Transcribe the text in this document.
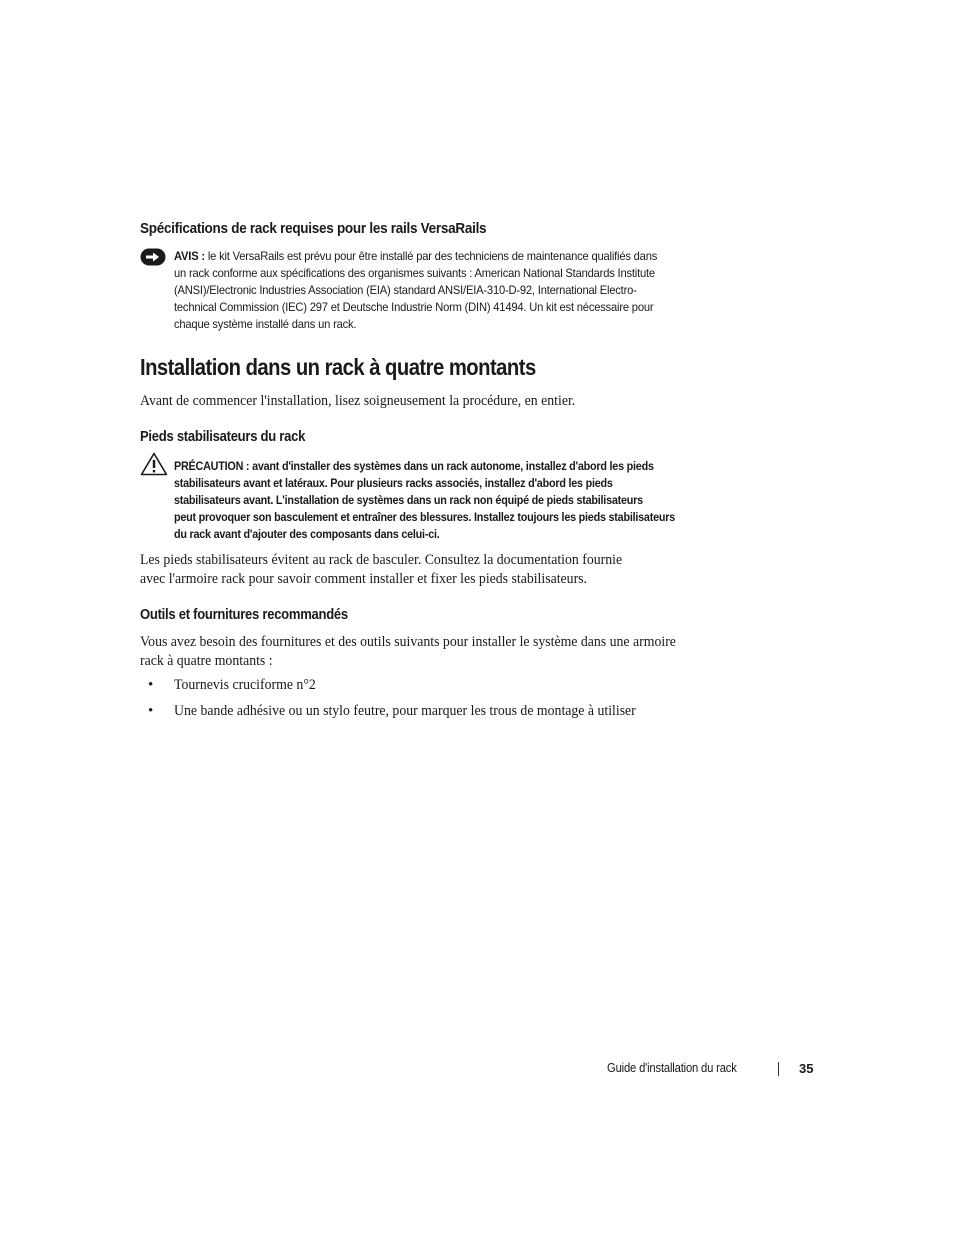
Spécifications de rack requises pour les rails VersaRails
AVIS : le kit VersaRails est prévu pour être installé par des techniciens de maintenance qualifiés dans
un rack conforme aux spécifications des organismes suivants : American National Standards Institute
(ANSI)/Electronic Industries Association (EIA) standard ANSI/EIA-310-D-92, International Electro-
technical Commission (IEC) 297 et Deutsche Industrie Norm (DIN) 41494. Un kit est nécessaire pour
chaque système installé dans un rack.
Installation dans un rack à quatre montants
Avant de commencer l'installation, lisez soigneusement la procédure, en entier.
Pieds stabilisateurs du rack
PRÉCAUTION : avant d'installer des systèmes dans un rack autonome, installez d'abord les pieds
stabilisateurs avant et latéraux. Pour plusieurs racks associés, installez d'abord les pieds
stabilisateurs avant. L'installation de systèmes dans un rack non équipé de pieds stabilisateurs
peut provoquer son basculement et entraîner des blessures. Installez toujours les pieds stabilisateurs
du rack avant d'ajouter des composants dans celui-ci.
Les pieds stabilisateurs évitent au rack de basculer. Consultez la documentation fournie
avec l'armoire rack pour savoir comment installer et fixer les pieds stabilisateurs.
Outils et fournitures recommandés
Vous avez besoin des fournitures et des outils suivants pour installer le système dans une armoire
rack à quatre montants :
• Tournevis cruciforme n°2
• Une bande adhésive ou un stylo feutre, pour marquer les trous de montage à utiliser
Guide d'installation du rack	35
